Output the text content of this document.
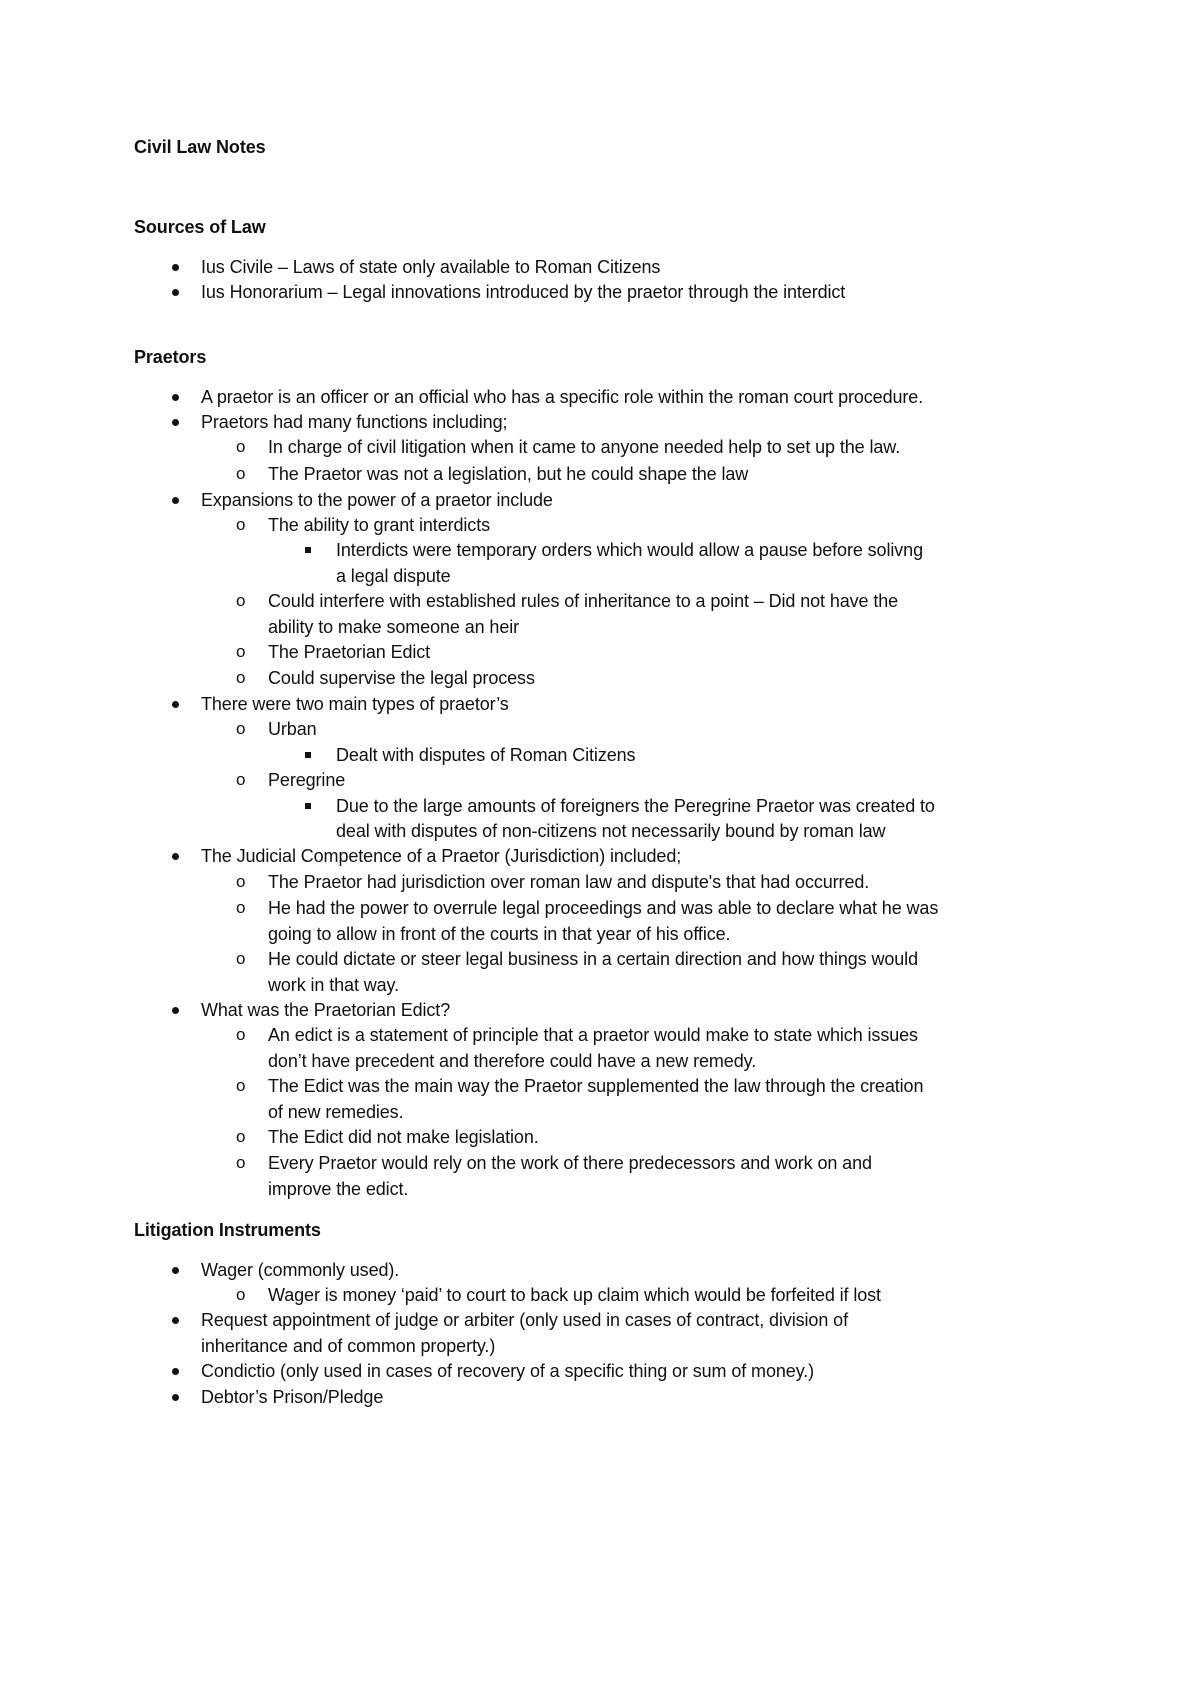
Civil Law Notes
Sources of Law
Ius Civile – Laws of state only available to Roman Citizens
Ius Honorarium – Legal innovations introduced by the praetor through the interdict
Praetors
A praetor is an officer or an official who has a specific role within the roman court procedure.
Praetors had many functions including;
o In charge of civil litigation when it came to anyone needed help to set up the law.
o The Praetor was not a legislation, but he could shape the law
Expansions to the power of a praetor include
o The ability to grant interdicts
Interdicts were temporary orders which would allow a pause before solivng
a legal dispute
o Could interfere with established rules of inheritance to a point – Did not have the
ability to make someone an heir
o The Praetorian Edict
o Could supervise the legal process
There were two main types of praetor’s
o Urban
Dealt with disputes of Roman Citizens
o Peregrine
Due to the large amounts of foreigners the Peregrine Praetor was created to
deal with disputes of non-citizens not necessarily bound by roman law
The Judicial Competence of a Praetor (Jurisdiction) included;
o The Praetor had jurisdiction over roman law and dispute's that had occurred.
o He had the power to overrule legal proceedings and was able to declare what he was
going to allow in front of the courts in that year of his office.
o He could dictate or steer legal business in a certain direction and how things would
work in that way.
What was the Praetorian Edict?
o An edict is a statement of principle that a praetor would make to state which issues
don’t have precedent and therefore could have a new remedy.
o The Edict was the main way the Praetor supplemented the law through the creation
of new remedies.
o The Edict did not make legislation.
o Every Praetor would rely on the work of there predecessors and work on and
improve the edict.
Litigation Instruments
Wager (commonly used).
o Wager is money ‘paid’ to court to back up claim which would be forfeited if lost
Request appointment of judge or arbiter (only used in cases of contract, division of
inheritance and of common property.)
Condictio (only used in cases of recovery of a specific thing or sum of money.)
Debtor’s Prison/Pledge
